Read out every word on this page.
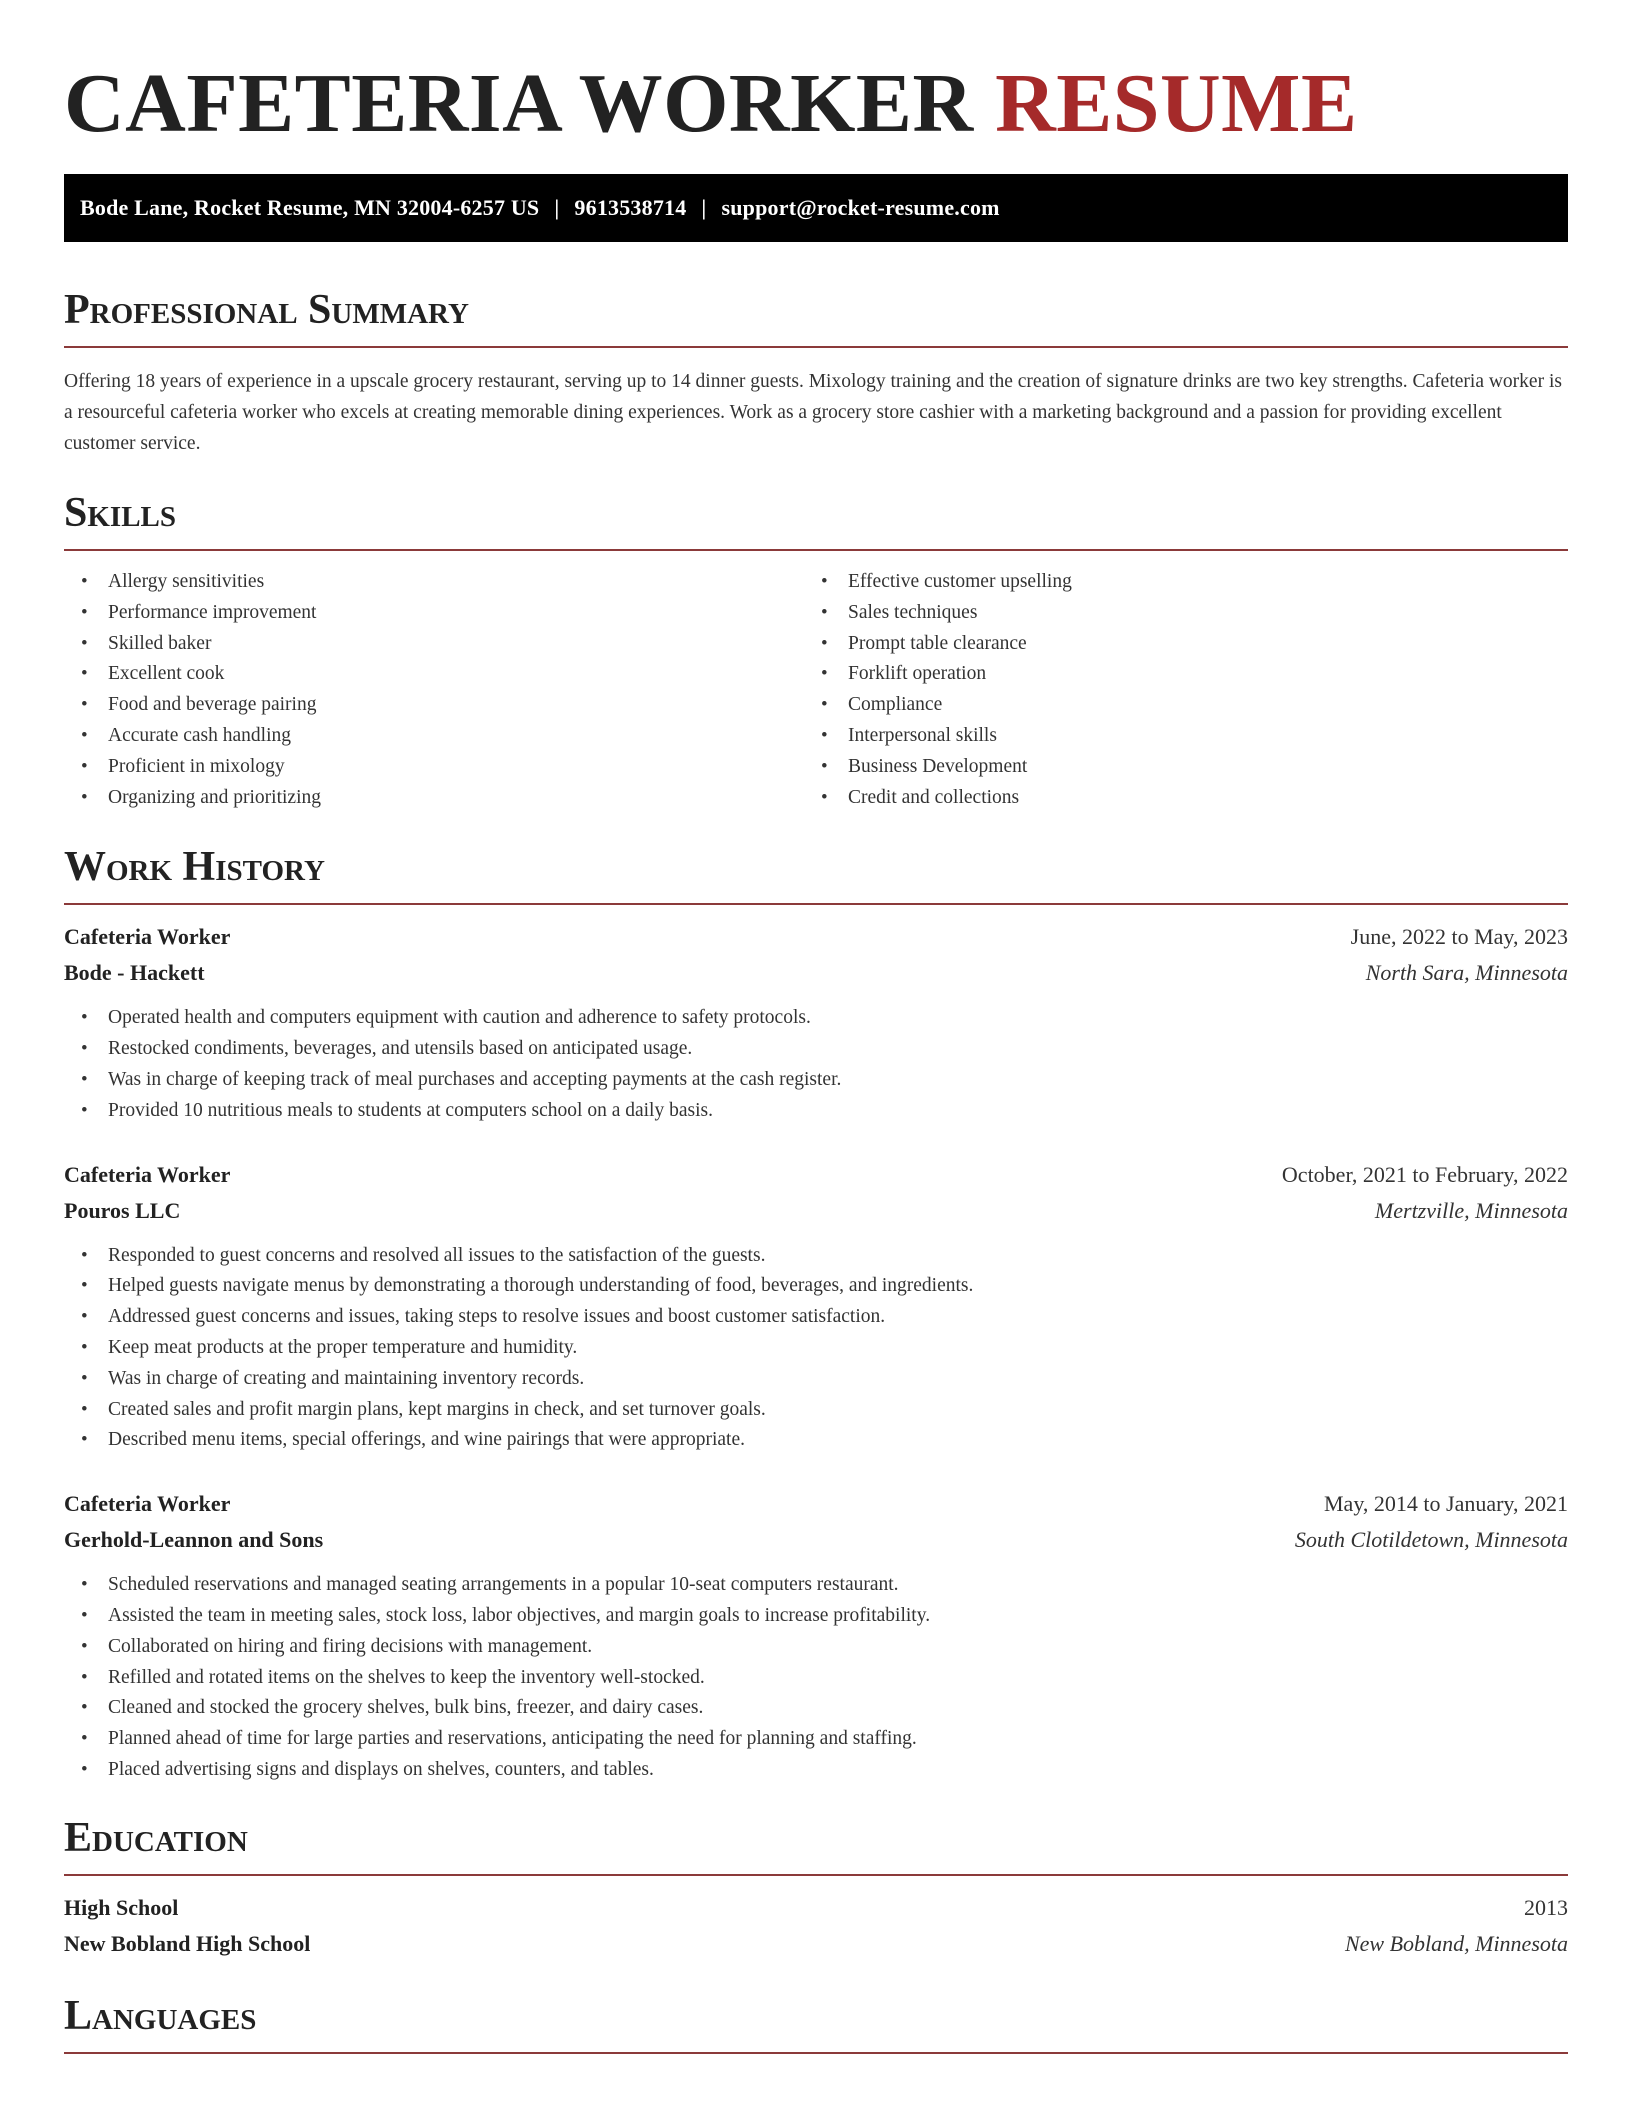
CAFETERIA WORKER RESUME
Bode Lane, Rocket Resume, MN 32004-6257 US | 9613538714 | support@rocket-resume.com
Professional Summary

Offering 18 years of experience in a upscale grocery restaurant, serving up to 14 dinner guests. Mixology training and the creation of signature drinks are two key strengths. Cafeteria worker is a resourceful cafeteria worker who excels at creating memorable dining experiences. Work as a grocery store cashier with a marketing background and a passion for providing excellent customer service.

Skills
• Allergy sensitivities
• Performance improvement
• Skilled baker
• Excellent cook
• Food and beverage pairing
• Accurate cash handling
• Proficient in mixology
• Organizing and prioritizing
• Effective customer upselling
• Sales techniques
• Prompt table clearance
• Forklift operation
• Compliance
• Interpersonal skills
• Business Development
• Credit and collections
Work History
Cafeteria Worker	June, 2022 to May, 2023
Bode - Hackett	North Sara, Minnesota
• Operated health and computers equipment with caution and adherence to safety protocols.
• Restocked condiments, beverages, and utensils based on anticipated usage.
• Was in charge of keeping track of meal purchases and accepting payments at the cash register.
• Provided 10 nutritious meals to students at computers school on a daily basis.
Cafeteria Worker	October, 2021 to February, 2022
Pouros LLC	Mertzville, Minnesota
• Responded to guest concerns and resolved all issues to the satisfaction of the guests.
• Helped guests navigate menus by demonstrating a thorough understanding of food, beverages, and ingredients.
• Addressed guest concerns and issues, taking steps to resolve issues and boost customer satisfaction.
• Keep meat products at the proper temperature and humidity.
• Was in charge of creating and maintaining inventory records.
• Created sales and profit margin plans, kept margins in check, and set turnover goals.
• Described menu items, special offerings, and wine pairings that were appropriate.
Cafeteria Worker	May, 2014 to January, 2021
Gerhold-Leannon and Sons	South Clotildetown, Minnesota
• Scheduled reservations and managed seating arrangements in a popular 10-seat computers restaurant.
• Assisted the team in meeting sales, stock loss, labor objectives, and margin goals to increase profitability.
• Collaborated on hiring and firing decisions with management.
• Refilled and rotated items on the shelves to keep the inventory well-stocked.
• Cleaned and stocked the grocery shelves, bulk bins, freezer, and dairy cases.
• Planned ahead of time for large parties and reservations, anticipating the need for planning and staffing.
• Placed advertising signs and displays on shelves, counters, and tables.
Education
High School	2013
New Bobland High School	New Bobland, Minnesota
Languages
